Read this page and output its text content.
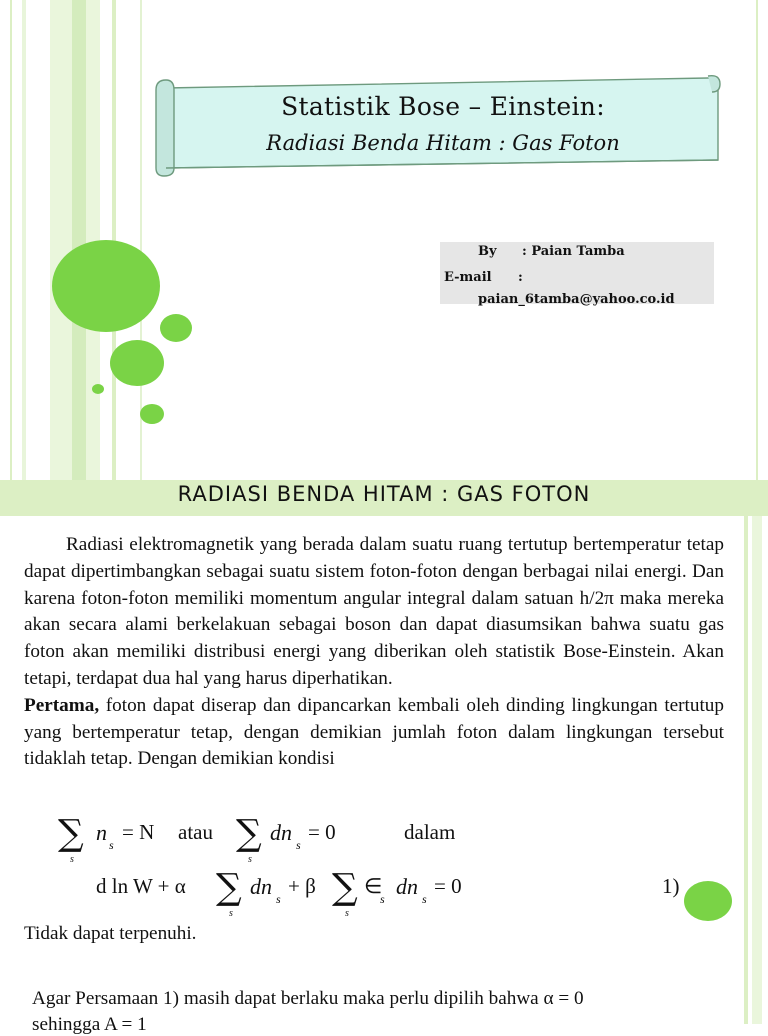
Statistik Bose – Einstein:
Radiasi Benda Hitam : Gas Foton
By : Paian Tamba
E-mail :
paian_6tamba@yahoo.co.id
RADIASI BENDA HITAM : GAS FOTON

Radiasi elektromagnetik yang berada dalam suatu ruang tertutup bertemperatur tetap dapat dipertimbangkan sebagai suatu sistem foton-foton dengan berbagai nilai energi. Dan karena foton-foton memiliki momentum angular integral dalam satuan h/2π maka mereka akan secara alami berkelakuan sebagai boson dan dapat diasumsikan bahwa suatu gas foton akan memiliki distribusi energi yang diberikan oleh statistik Bose-Einstein. Akan tetapi, terdapat dua hal yang harus diperhatikan.

Pertama, foton dapat diserap dan dipancarkan kembali oleh dinding lingkungan tertutup yang bertemperatur tetap, dengan demikian jumlah foton dalam lingkungan tersebut tidaklah tetap. Dengan demikian kondisi

∑
s
n s
= N atau ∑
s
dn s
= 0	dalam
d ln W + α ∑
s
dn s
+ β ∑
s
∈
s dn s
= 0	1)
Tidak dapat terpenuhi.
Agar Persamaan 1) masih dapat berlaku maka perlu dipilih bahwa α = 0
sehingga A = 1
